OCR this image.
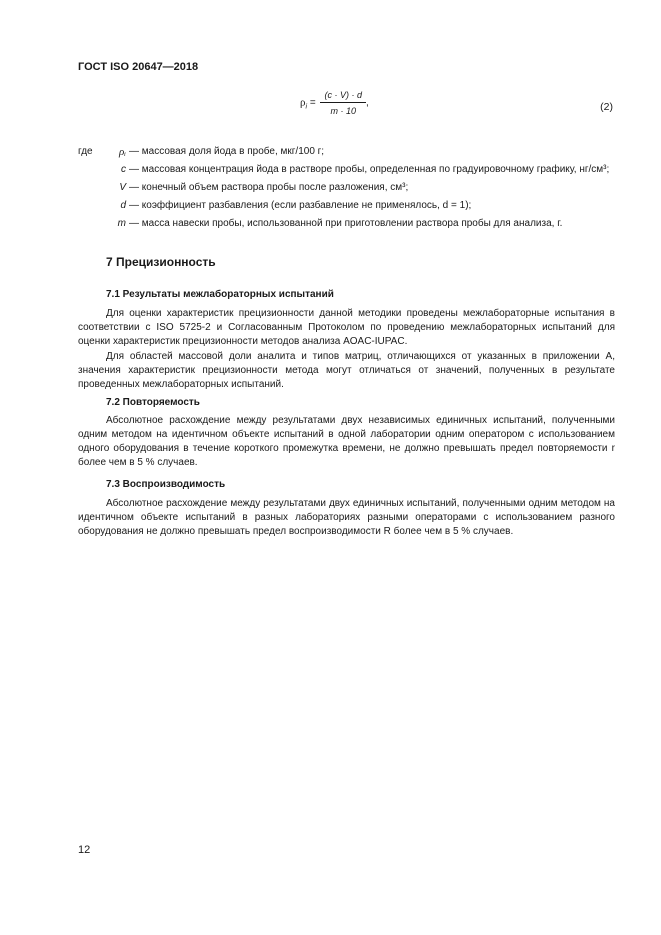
ГОСТ ISO 20647—2018
$\rho_i = \frac{(c \cdot V) \cdot d}{m \cdot 10}$ ,	(2)
где	ρᵢ — массовая доля йода в пробе, мкг/100 г;
c — массовая концентрация йода в растворе пробы, определенная по градуировочному графику, нг/см³;
V — конечный объем раствора пробы после разложения, см³;
d — коэффициент разбавления (если разбавление не применялось, d = 1);
m — масса навески пробы, использованной при приготовлении раствора пробы для анализа, г.
7 Прецизионность
7.1 Результаты межлабораторных испытаний

Для оценки характеристик прецизионности данной методики проведены межлабораторные испытания в соответствии с ISO 5725-2 и Согласованным Протоколом по проведению межлабораторных испытаний для оценки характеристик прецизионности методов анализа AOAC-IUPAC.

Для областей массовой доли аналита и типов матриц, отличающихся от указанных в приложении А, значения характеристик прецизионности метода могут отличаться от значений, полученных в результате проведенных межлабораторных испытаний.

7.2 Повторяемость

Абсолютное расхождение между результатами двух независимых единичных испытаний, полученными одним методом на идентичном объекте испытаний в одной лаборатории одним оператором с использованием одного оборудования в течение короткого промежутка времени, не должно превышать предел повторяемости r более чем в 5 % случаев.

7.3 Воспроизводимость

Абсолютное расхождение между результатами двух единичных испытаний, полученными одним методом на идентичном объекте испытаний в разных лабораториях разными операторами с использованием разного оборудования не должно превышать предел воспроизводимости R более чем в 5 % случаев.

12
